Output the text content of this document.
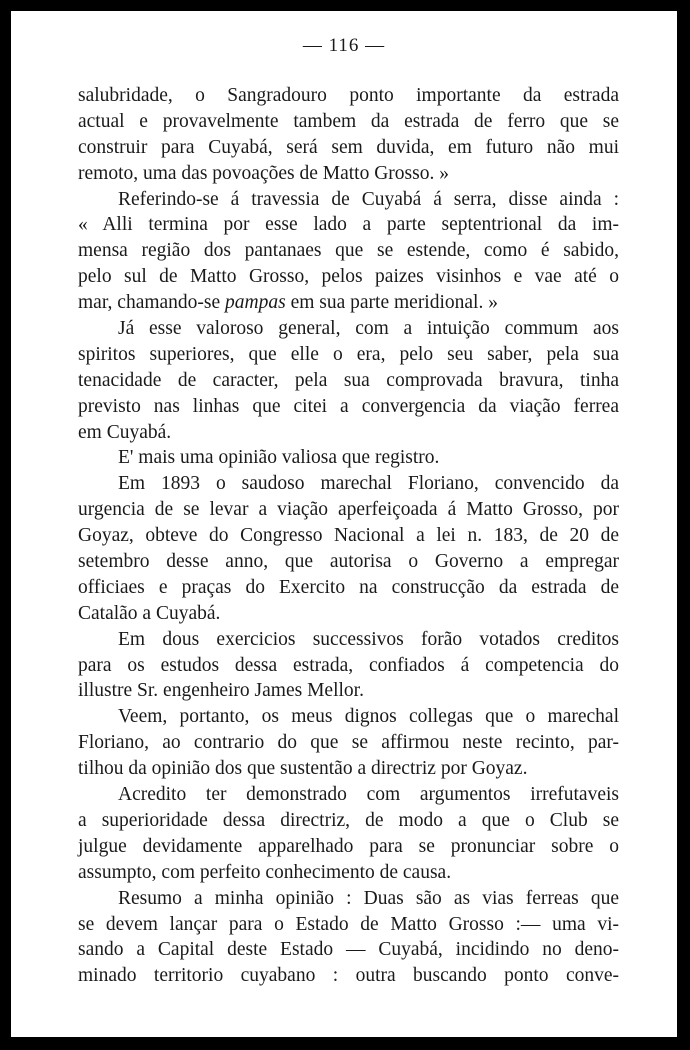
— 116 —
salubridade, o Sangradouro ponto importante da estrada
actual e provavelmente tambem da estrada de ferro que se
construir para Cuyabá, será sem duvida, em futuro não mui
remoto, uma das povoações de Matto Grosso. »
Referindo-se á travessia de Cuyabá á serra, disse ainda :
« Alli termina por esse lado a parte septentrional da im-
mensa região dos pantanaes que se estende, como é sabido,
pelo sul de Matto Grosso, pelos paizes visinhos e vae até o
mar, chamando-se pampas em sua parte meridional. »
Já esse valoroso general, com a intuição commum aos
spiritos superiores, que elle o era, pelo seu saber, pela sua
tenacidade de caracter, pela sua comprovada bravura, tinha
previsto nas linhas que citei a convergencia da viação ferrea
em Cuyabá.
E' mais uma opinião valiosa que registro.
Em 1893 o saudoso marechal Floriano, convencido da
urgencia de se levar a viação aperfeiçoada á Matto Grosso, por
Goyaz, obteve do Congresso Nacional a lei n. 183, de 20 de
setembro desse anno, que autorisa o Governo a empregar
officiaes e praças do Exercito na construcção da estrada de
Catalão a Cuyabá.
Em dous exercicios successivos forão votados creditos
para os estudos dessa estrada, confiados á competencia do
illustre Sr. engenheiro James Mellor.
Veem, portanto, os meus dignos collegas que o marechal
Floriano, ao contrario do que se affirmou neste recinto, par-
tilhou da opinião dos que sustentão a directriz por Goyaz.
Acredito ter demonstrado com argumentos irrefutaveis
a superioridade dessa directriz, de modo a que o Club se
julgue devidamente apparelhado para se pronunciar sobre o
assumpto, com perfeito conhecimento de causa.
Resumo a minha opinião : Duas são as vias ferreas que
se devem lançar para o Estado de Matto Grosso :— uma vi-
sando a Capital deste Estado — Cuyabá, incidindo no deno-
minado territorio cuyabano : outra buscando ponto conve-
